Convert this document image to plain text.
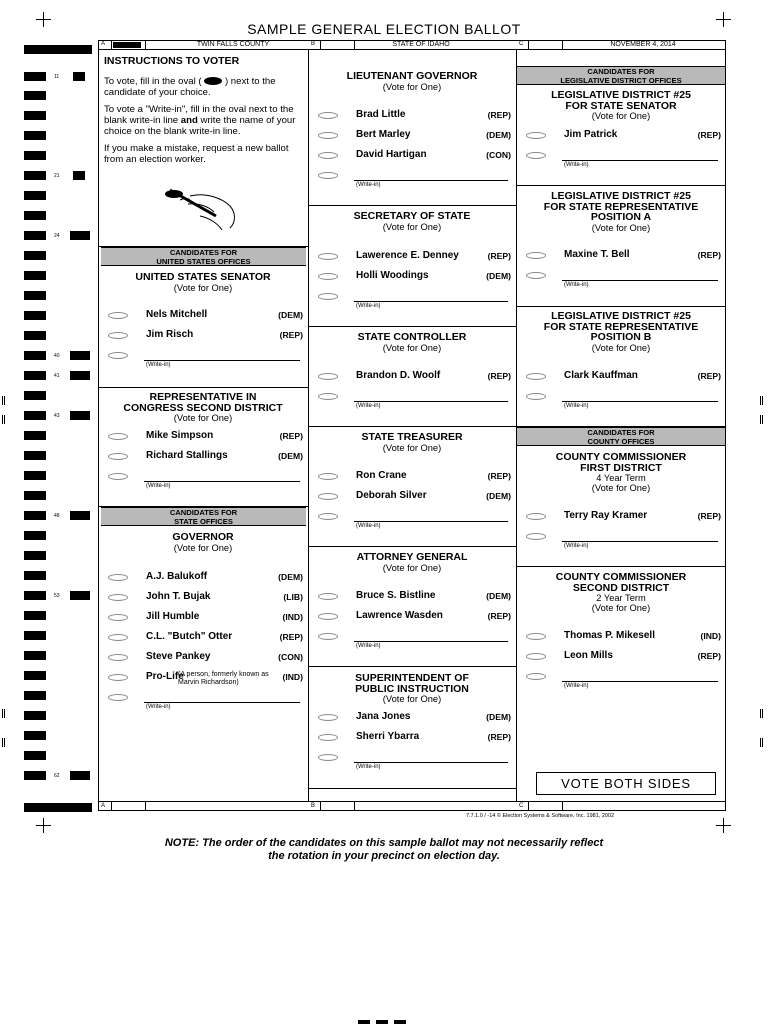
SAMPLE GENERAL ELECTION BALLOT
11
21
24
40
41
43
48
53
62
A	TWIN FALLS COUNTY	B	STATE OF IDAHO	C	NOVEMBER 4, 2014
A	B	C
INSTRUCTIONS TO VOTER

To vote, fill in the oval ( ) next to the candidate of your choice.

To vote a "Write-in", fill in the oval next to the blank write-in line and write the name of your choice on the blank write-in line.

If you make a mistake, request a new ballot from an election worker.

CANDIDATES FOR
UNITED STATES OFFICES
UNITED STATES SENATOR
(Vote for One)
Nels Mitchell	(DEM)
Jim Risch	(REP)
(Write-in)
REPRESENTATIVE IN
CONGRESS SECOND DISTRICT
(Vote for One)
Mike Simpson	(REP)
Richard Stallings	(DEM)
(Write-in)
CANDIDATES FOR
STATE OFFICES
GOVERNOR
(Vote for One)
A.J. Balukoff	(DEM)
John T. Bujak	(LIB)
Jill Humble	(IND)
C.L. "Butch" Otter	(REP)
Steve Pankey	(CON)
Pro-Life	(IND)
(Write-in)
(A person, formerly known as Marvin Richardson)
LIEUTENANT GOVERNOR
(Vote for One)
Brad Little	(REP)
Bert Marley	(DEM)
David Hartigan	(CON)
(Write-in)
SECRETARY OF STATE
(Vote for One)
Lawerence E. Denney	(REP)
Holli Woodings	(DEM)
(Write-in)
STATE CONTROLLER
(Vote for One)
Brandon D. Woolf	(REP)
(Write-in)
STATE TREASURER
(Vote for One)
Ron Crane	(REP)
Deborah Silver	(DEM)
(Write-in)
ATTORNEY GENERAL
(Vote for One)
Bruce S. Bistline	(DEM)
Lawrence Wasden	(REP)
(Write-in)
SUPERINTENDENT OF
PUBLIC INSTRUCTION
(Vote for One)
Jana Jones	(DEM)
Sherri Ybarra	(REP)
(Write-in)
CANDIDATES FOR
LEGISLATIVE DISTRICT OFFICES
LEGISLATIVE DISTRICT #25
FOR STATE SENATOR
(Vote for One)
Jim Patrick	(REP)
(Write-in)
LEGISLATIVE DISTRICT #25
FOR STATE REPRESENTATIVE
POSITION A
(Vote for One)
Maxine T. Bell	(REP)
(Write-in)
LEGISLATIVE DISTRICT #25
FOR STATE REPRESENTATIVE
POSITION B
(Vote for One)
Clark Kauffman	(REP)
(Write-in)
CANDIDATES FOR
COUNTY OFFICES
COUNTY COMMISSIONER
FIRST DISTRICT
4 Year Term
(Vote for One)
Terry Ray Kramer	(REP)
(Write-in)
COUNTY COMMISSIONER
SECOND DISTRICT
2 Year Term
(Vote for One)
Thomas P. Mikesell	(IND)
Leon Mills	(REP)
(Write-in)
VOTE BOTH SIDES
7.7.1.0 / -14 © Election Systems & Software, Inc. 1981, 2002
NOTE: The order of the candidates on this sample ballot may not necessarily reflect
the rotation in your precinct on election day.
